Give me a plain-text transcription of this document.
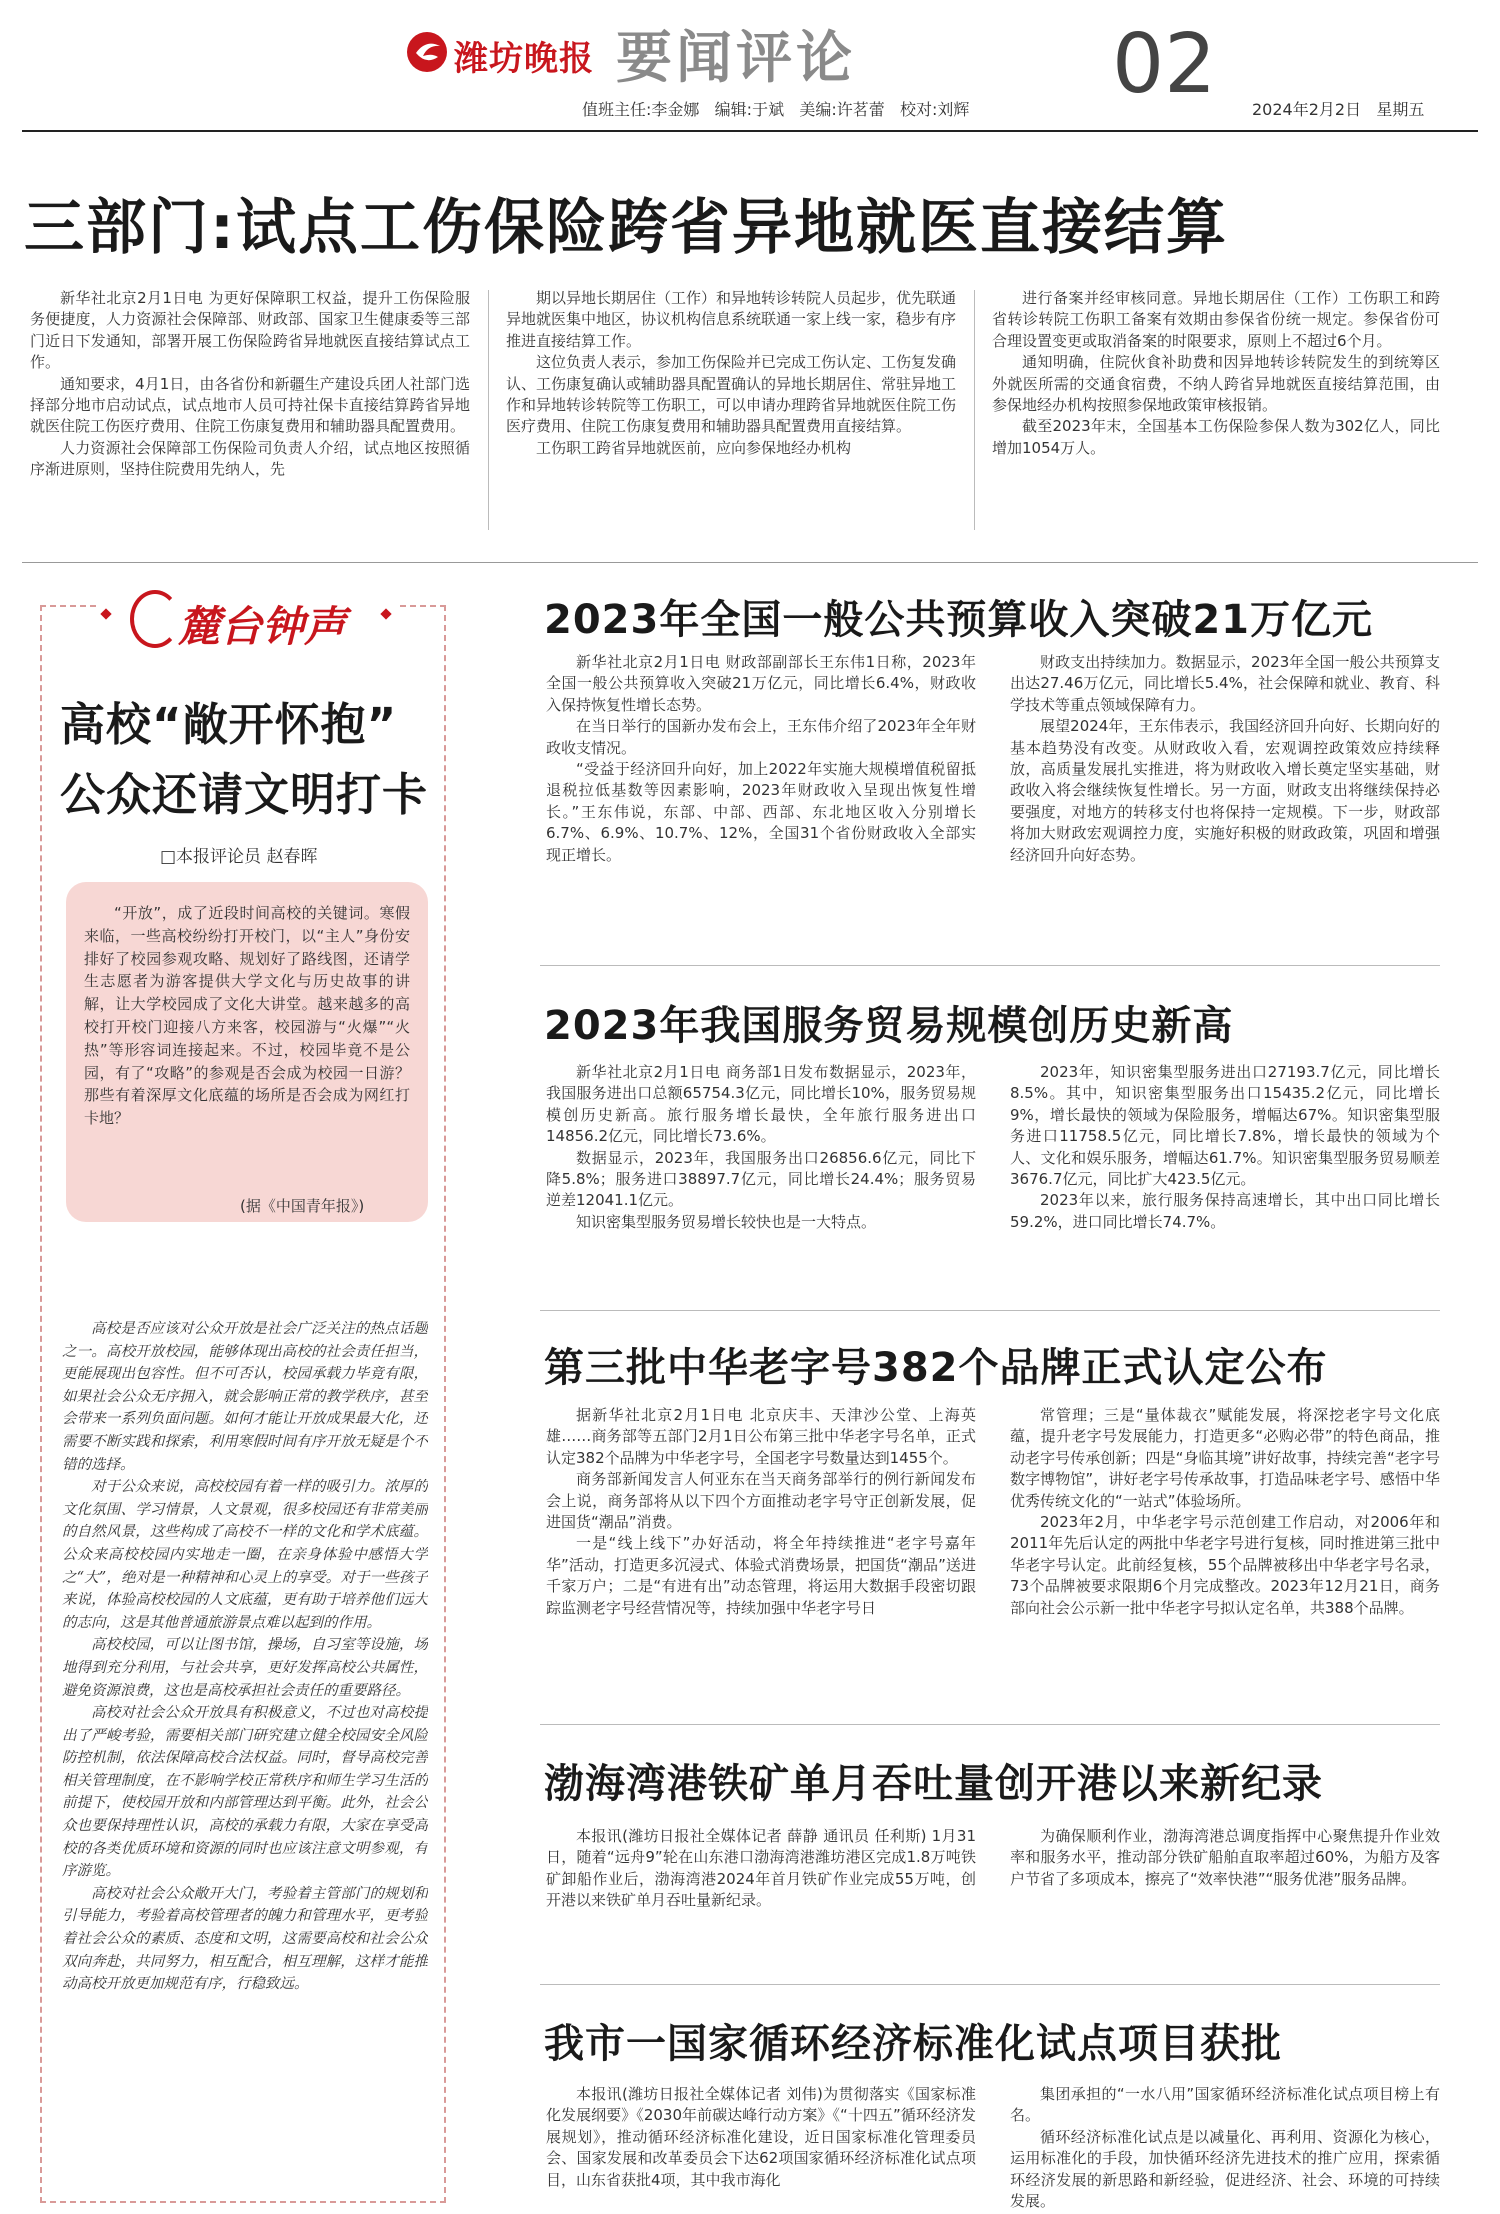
潍坊晚报 要闻评论	02
值班主任:李金娜 编辑:于斌 美编:许茗蕾 校对:刘辉	2024年2月2日 星期五
三部门:试点工伤保险跨省异地就医直接结算

新华社北京2月1日电 为更好保障职工权益，提升工伤保险服务便捷度，人力资源社会保障部、财政部、国家卫生健康委等三部门近日下发通知，部署开展工伤保险跨省异地就医直接结算试点工作。

通知要求，4月1日，由各省份和新疆生产建设兵团人社部门选择部分地市启动试点，试点地市人员可持社保卡直接结算跨省异地就医住院工伤医疗费用、住院工伤康复费用和辅助器具配置费用。

人力资源社会保障部工伤保险司负责人介绍，试点地区按照循序渐进原则，坚持住院费用先纳人，先

期以异地长期居住（工作）和异地转诊转院人员起步，优先联通异地就医集中地区，协议机构信息系统联通一家上线一家，稳步有序推进直接结算工作。

这位负责人表示，参加工伤保险并已完成工伤认定、工伤复发确认、工伤康复确认或辅助器具配置确认的异地长期居住、常驻异地工作和异地转诊转院等工伤职工，可以申请办理跨省异地就医住院工伤医疗费用、住院工伤康复费用和辅助器具配置费用直接结算。

工伤职工跨省异地就医前，应向参保地经办机构

进行备案并经审核同意。异地长期居住（工作）工伤职工和跨省转诊转院工伤职工备案有效期由参保省份统一规定。参保省份可合理设置变更或取消备案的时限要求，原则上不超过6个月。

通知明确，住院伙食补助费和因异地转诊转院发生的到统筹区外就医所需的交通食宿费，不纳人跨省异地就医直接结算范围，由参保地经办机构按照参保地政策审核报销。

截至2023年末，全国基本工伤保险参保人数为302亿人，同比增加1054万人。

麓台钟声
高校“敞开怀抱”
公众还请文明打卡
□本报评论员 赵春晖

“开放”，成了近段时间高校的关键词。寒假来临，一些高校纷纷打开校门，以“主人”身份安排好了校园参观攻略、规划好了路线图，还请学生志愿者为游客提供大学文化与历史故事的讲解，让大学校园成了文化大讲堂。越来越多的高校打开校门迎接八方来客，校园游与“火爆”“火热”等形容词连接起来。不过，校园毕竟不是公园，有了“攻略”的参观是否会成为校园一日游？那些有着深厚文化底蕴的场所是否会成为网红打卡地？

(据《中国青年报》)

高校是否应该对公众开放是社会广泛关注的热点话题之一。高校开放校园，能够体现出高校的社会责任担当，更能展现出包容性。但不可否认，校园承载力毕竟有限，如果社会公众无序拥入，就会影响正常的教学秩序，甚至会带来一系列负面问题。如何才能让开放成果最大化，还需要不断实践和探索，利用寒假时间有序开放无疑是个不错的选择。

对于公众来说，高校校园有着一样的吸引力。浓厚的文化氛围、学习情景，人文景观，很多校园还有非常美丽的自然风景，这些构成了高校不一样的文化和学术底蕴。公众来高校校园内实地走一圈，在亲身体验中感悟大学之“大”，绝对是一种精神和心灵上的享受。对于一些孩子来说，体验高校校园的人文底蕴，更有助于培养他们远大的志向，这是其他普通旅游景点难以起到的作用。

高校校园，可以让图书馆，操场，自习室等设施，场地得到充分利用，与社会共享，更好发挥高校公共属性，避免资源浪费，这也是高校承担社会责任的重要路径。

高校对社会公众开放具有积极意义，不过也对高校提出了严峻考验，需要相关部门研究建立健全校园安全风险防控机制，依法保障高校合法权益。同时，督导高校完善相关管理制度，在不影响学校正常秩序和师生学习生活的前提下，使校园开放和内部管理达到平衡。此外，社会公众也要保持理性认识，高校的承载力有限，大家在享受高校的各类优质环境和资源的同时也应该注意文明参观，有序游览。

高校对社会公众敞开大门，考验着主管部门的规划和引导能力，考验着高校管理者的魄力和管理水平，更考验着社会公众的素质、态度和文明，这需要高校和社会公众双向奔赴，共同努力，相互配合，相互理解，这样才能推动高校开放更加规范有序，行稳致远。

2023年全国一般公共预算收入突破21万亿元

新华社北京2月1日电 财政部副部长王东伟1日称，2023年全国一般公共预算收入突破21万亿元，同比增长6.4%，财政收入保持恢复性增长态势。

在当日举行的国新办发布会上，王东伟介绍了2023年全年财政收支情况。

“受益于经济回升向好，加上2022年实施大规模增值税留抵退税拉低基数等因素影响，2023年财政收入呈现出恢复性增长。”王东伟说，东部、中部、西部、东北地区收入分别增长6.7%、6.9%、10.7%、12%，全国31个省份财政收入全部实现正增长。

财政支出持续加力。数据显示，2023年全国一般公共预算支出达27.46万亿元，同比增长5.4%，社会保障和就业、教育、科学技术等重点领域保障有力。

展望2024年，王东伟表示，我国经济回升向好、长期向好的基本趋势没有改变。从财政收入看，宏观调控政策效应持续释放，高质量发展扎实推进，将为财政收入增长奠定坚实基础，财政收入将会继续恢复性增长。另一方面，财政支出将继续保持必要强度，对地方的转移支付也将保持一定规模。下一步，财政部将加大财政宏观调控力度，实施好积极的财政政策，巩固和增强经济回升向好态势。

2023年我国服务贸易规模创历史新高

新华社北京2月1日电 商务部1日发布数据显示，2023年，我国服务进出口总额65754.3亿元，同比增长10%，服务贸易规模创历史新高。旅行服务增长最快，全年旅行服务进出口14856.2亿元，同比增长73.6%。

数据显示，2023年，我国服务出口26856.6亿元，同比下降5.8%；服务进口38897.7亿元，同比增长24.4%；服务贸易逆差12041.1亿元。

知识密集型服务贸易增长较快也是一大特点。

2023年，知识密集型服务进出口27193.7亿元，同比增长8.5%。其中，知识密集型服务出口15435.2亿元，同比增长9%，增长最快的领域为保险服务，增幅达67%。知识密集型服务进口11758.5亿元，同比增长7.8%，增长最快的领域为个人、文化和娱乐服务，增幅达61.7%。知识密集型服务贸易顺差3676.7亿元，同比扩大423.5亿元。

2023年以来，旅行服务保持高速增长，其中出口同比增长59.2%，进口同比增长74.7%。

第三批中华老字号382个品牌正式认定公布

据新华社北京2月1日电 北京庆丰、天津沙公堂、上海英雄……商务部等五部门2月1日公布第三批中华老字号名单，正式认定382个品牌为中华老字号，全国老字号数量达到1455个。

商务部新闻发言人何亚东在当天商务部举行的例行新闻发布会上说，商务部将从以下四个方面推动老字号守正创新发展，促进国货“潮品”消费。

一是“线上线下”办好活动，将全年持续推进“老字号嘉年华”活动，打造更多沉浸式、体验式消费场景，把国货“潮品”送进千家万户；二是“有进有出”动态管理，将运用大数据手段密切跟踪监测老字号经营情况等，持续加强中华老字号日

常管理；三是“量体裁衣”赋能发展，将深挖老字号文化底蕴，提升老字号发展能力，打造更多“必购必带”的特色商品，推动老字号传承创新；四是“身临其境”讲好故事，持续完善“老字号数字博物馆”，讲好老字号传承故事，打造品味老字号、感悟中华优秀传统文化的“一站式”体验场所。

2023年2月，中华老字号示范创建工作启动，对2006年和2011年先后认定的两批中华老字号进行复核，同时推进第三批中华老字号认定。此前经复核，55个品牌被移出中华老字号名录，73个品牌被要求限期6个月完成整改。2023年12月21日，商务部向社会公示新一批中华老字号拟认定名单，共388个品牌。

渤海湾港铁矿单月吞吐量创开港以来新纪录

本报讯(潍坊日报社全媒体记者 薛静 通讯员 任利斯) 1月31日，随着“远舟9”轮在山东港口渤海湾港潍坊港区完成1.8万吨铁矿卸船作业后，渤海湾港2024年首月铁矿作业完成55万吨，创开港以来铁矿单月吞吐量新纪录。

为确保顺利作业，渤海湾港总调度指挥中心聚焦提升作业效率和服务水平，推动部分铁矿船舶直取率超过60%，为船方及客户节省了多项成本，擦亮了“效率快港”“服务优港”服务品牌。

我市一国家循环经济标准化试点项目获批

本报讯(潍坊日报社全媒体记者 刘伟)为贯彻落实《国家标准化发展纲要》《2030年前碳达峰行动方案》《“十四五”循环经济发展规划》，推动循环经济标准化建设，近日国家标准化管理委员会、国家发展和改革委员会下达62项国家循环经济标准化试点项目，山东省获批4项，其中我市海化

集团承担的“一水八用”国家循环经济标准化试点项目榜上有名。

循环经济标准化试点是以减量化、再利用、资源化为核心，运用标准化的手段，加快循环经济先进技术的推广应用，探索循环经济发展的新思路和新经验，促进经济、社会、环境的可持续发展。
